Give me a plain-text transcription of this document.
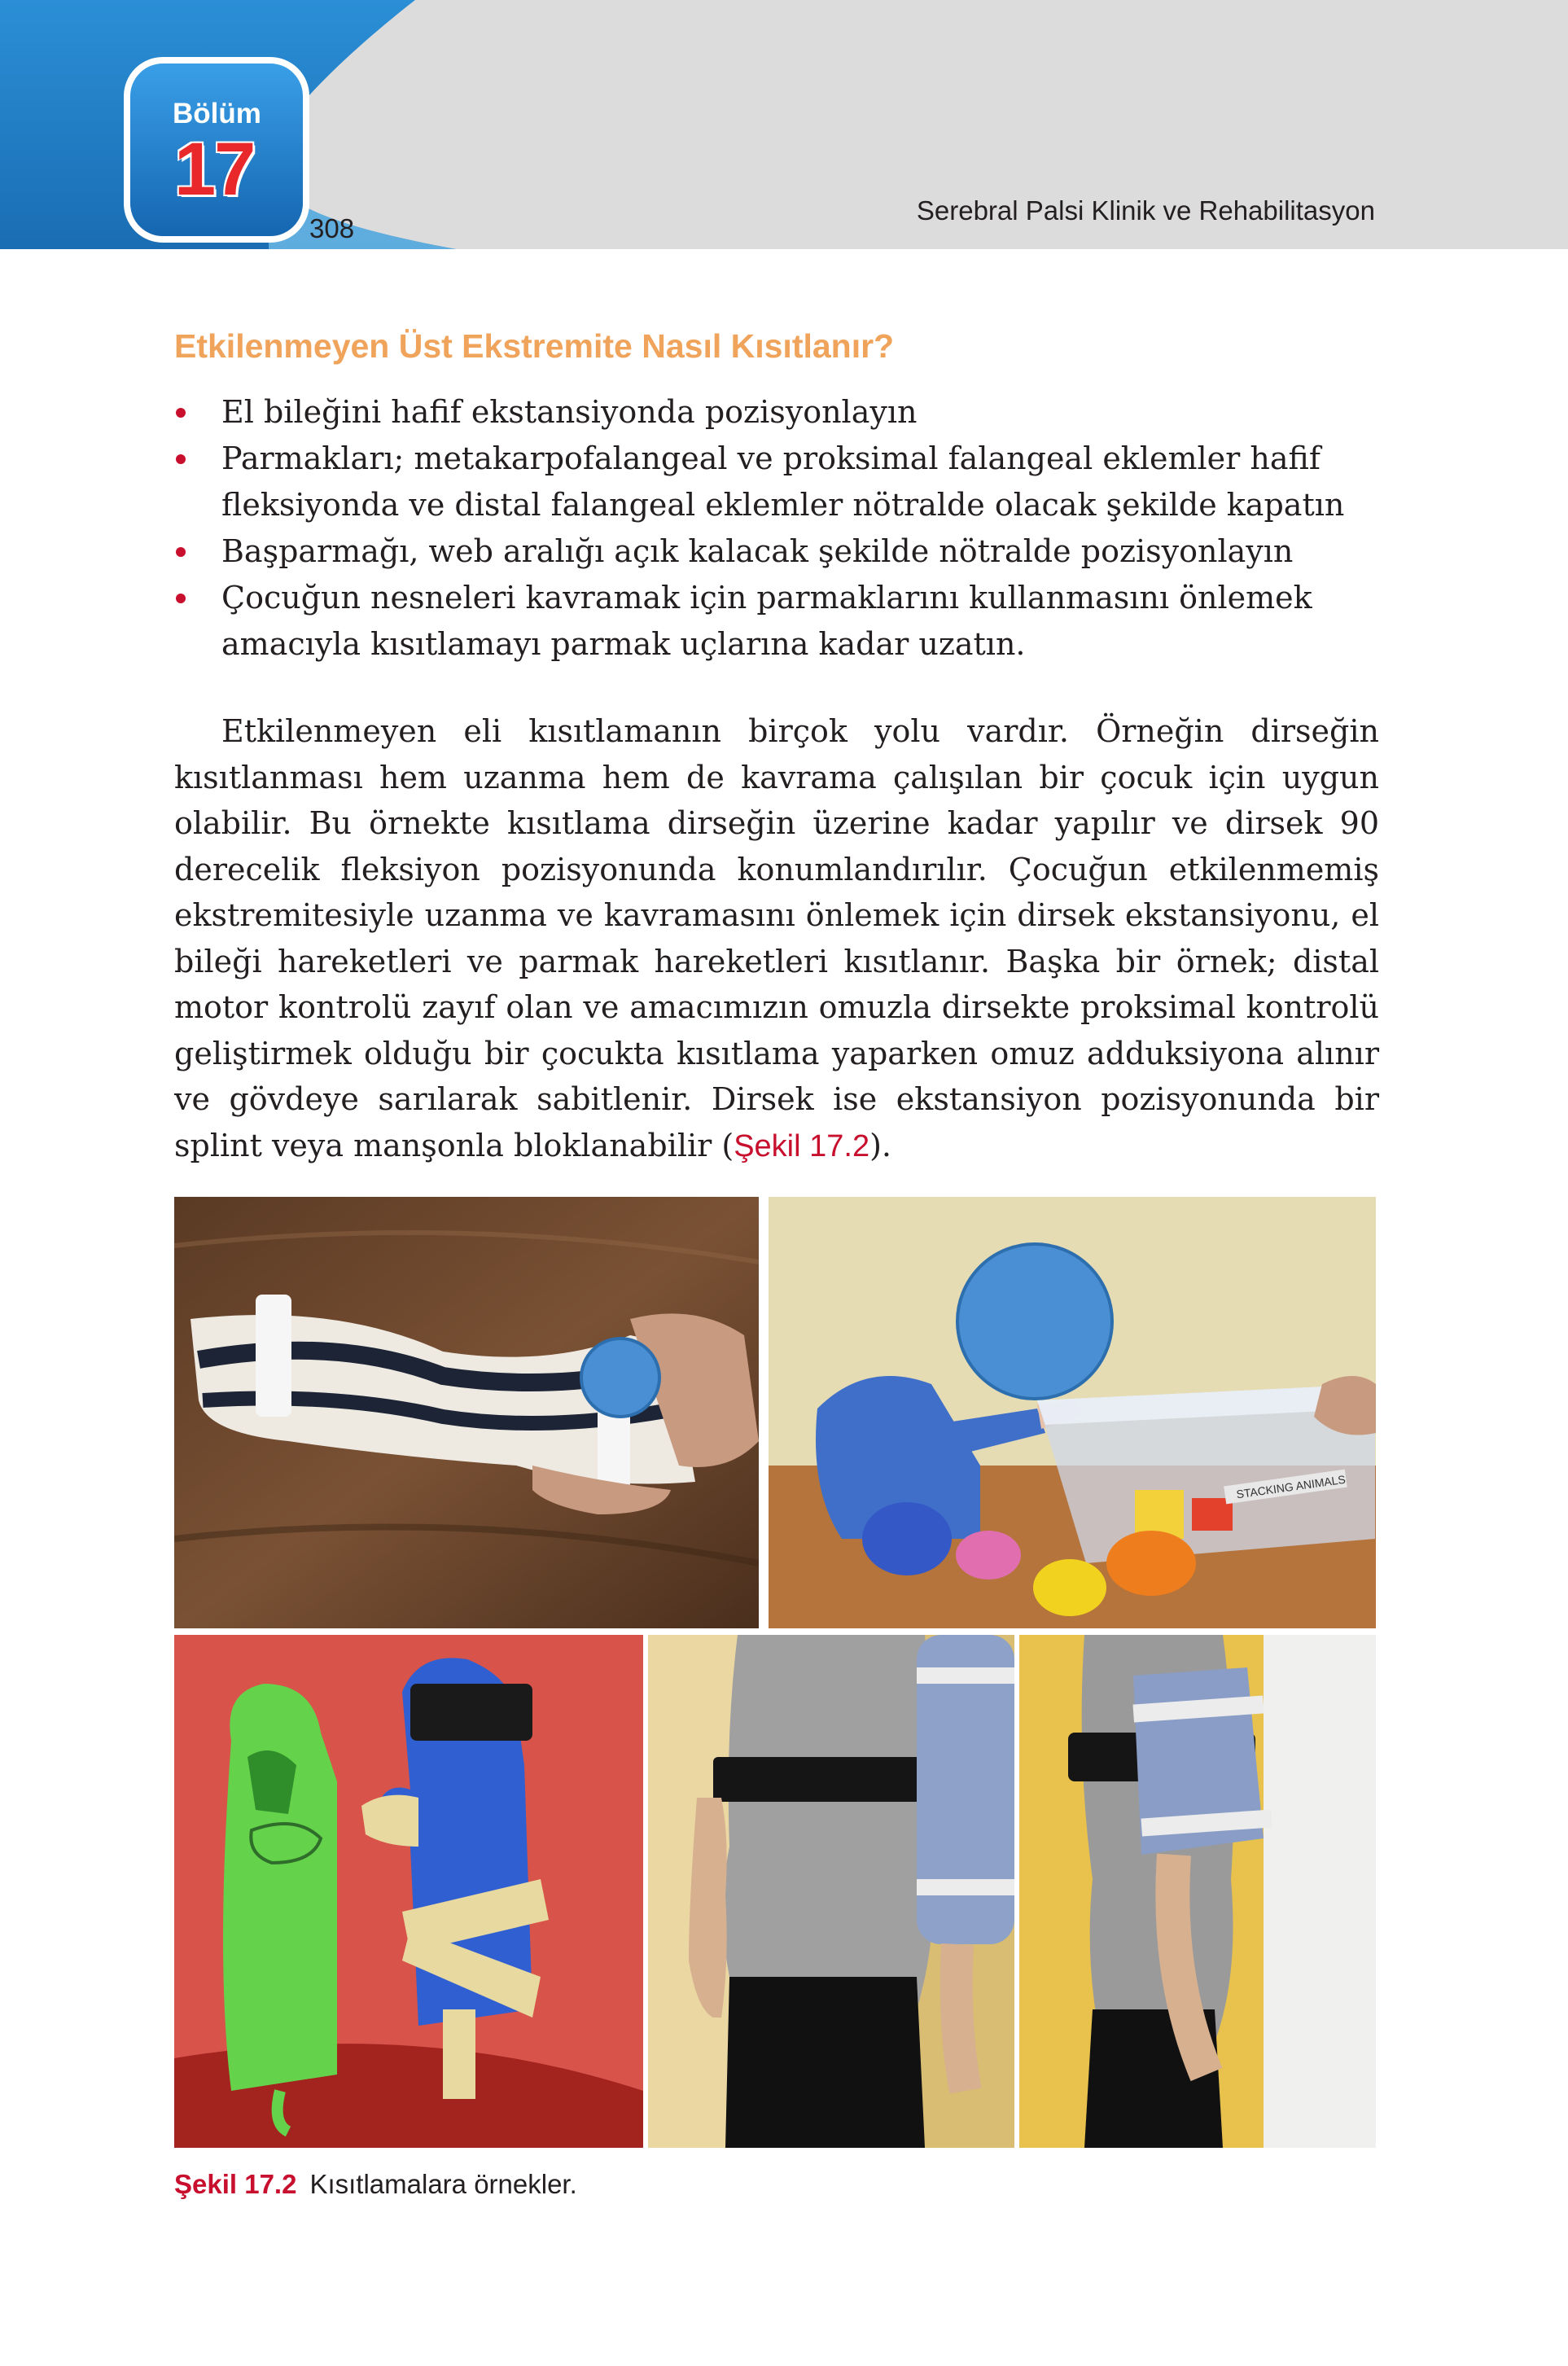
Bölüm
17
308
Serebral Palsi Klinik ve Rehabilitasyon
Etkilenmeyen Üst Ekstremite Nasıl Kısıtlanır?
El bileğini hafif ekstansiyonda pozisyonlayın
Parmakları; metakarpofalangeal ve proksimal falangeal eklemler hafif fleksiyonda ve distal falangeal eklemler nötralde olacak şekilde kapatın
Başparmağı, web aralığı açık kalacak şekilde nötralde pozisyonlayın
Çocuğun nesneleri kavramak için parmaklarını kullanmasını önlemek amacıyla kısıtlamayı parmak uçlarına kadar uzatın.

Etkilenmeyen eli kısıtlamanın birçok yolu vardır. Örneğin dirseğin kısıtlanması hem uzanma hem de kavrama çalışılan bir çocuk için uygun olabilir. Bu örnekte kısıtlama dirseğin üzerine kadar yapılır ve dirsek 90 derecelik fleksiyon pozisyonunda konumlandırılır. Çocuğun etkilenmemiş ekstremitesiyle uzanma ve kavramasını önlemek için dirsek ekstansiyonu, el bileği hareketleri ve parmak hareketleri kısıtlanır. Başka bir örnek; distal motor kontrolü zayıf olan ve amacımızın omuzla dirsekte proksimal kontrolü geliştirmek olduğu bir çocukta kısıtlama yaparken omuz adduksiyona alınır ve gövdeye sarılarak sabitlenir. Dirsek ise ekstansiyon pozisyonunda bir splint veya manşonla bloklanabilir (Şekil 17.2).

STACKING ANIMALS
Şekil 17.2 Kısıtlamalara örnekler.
